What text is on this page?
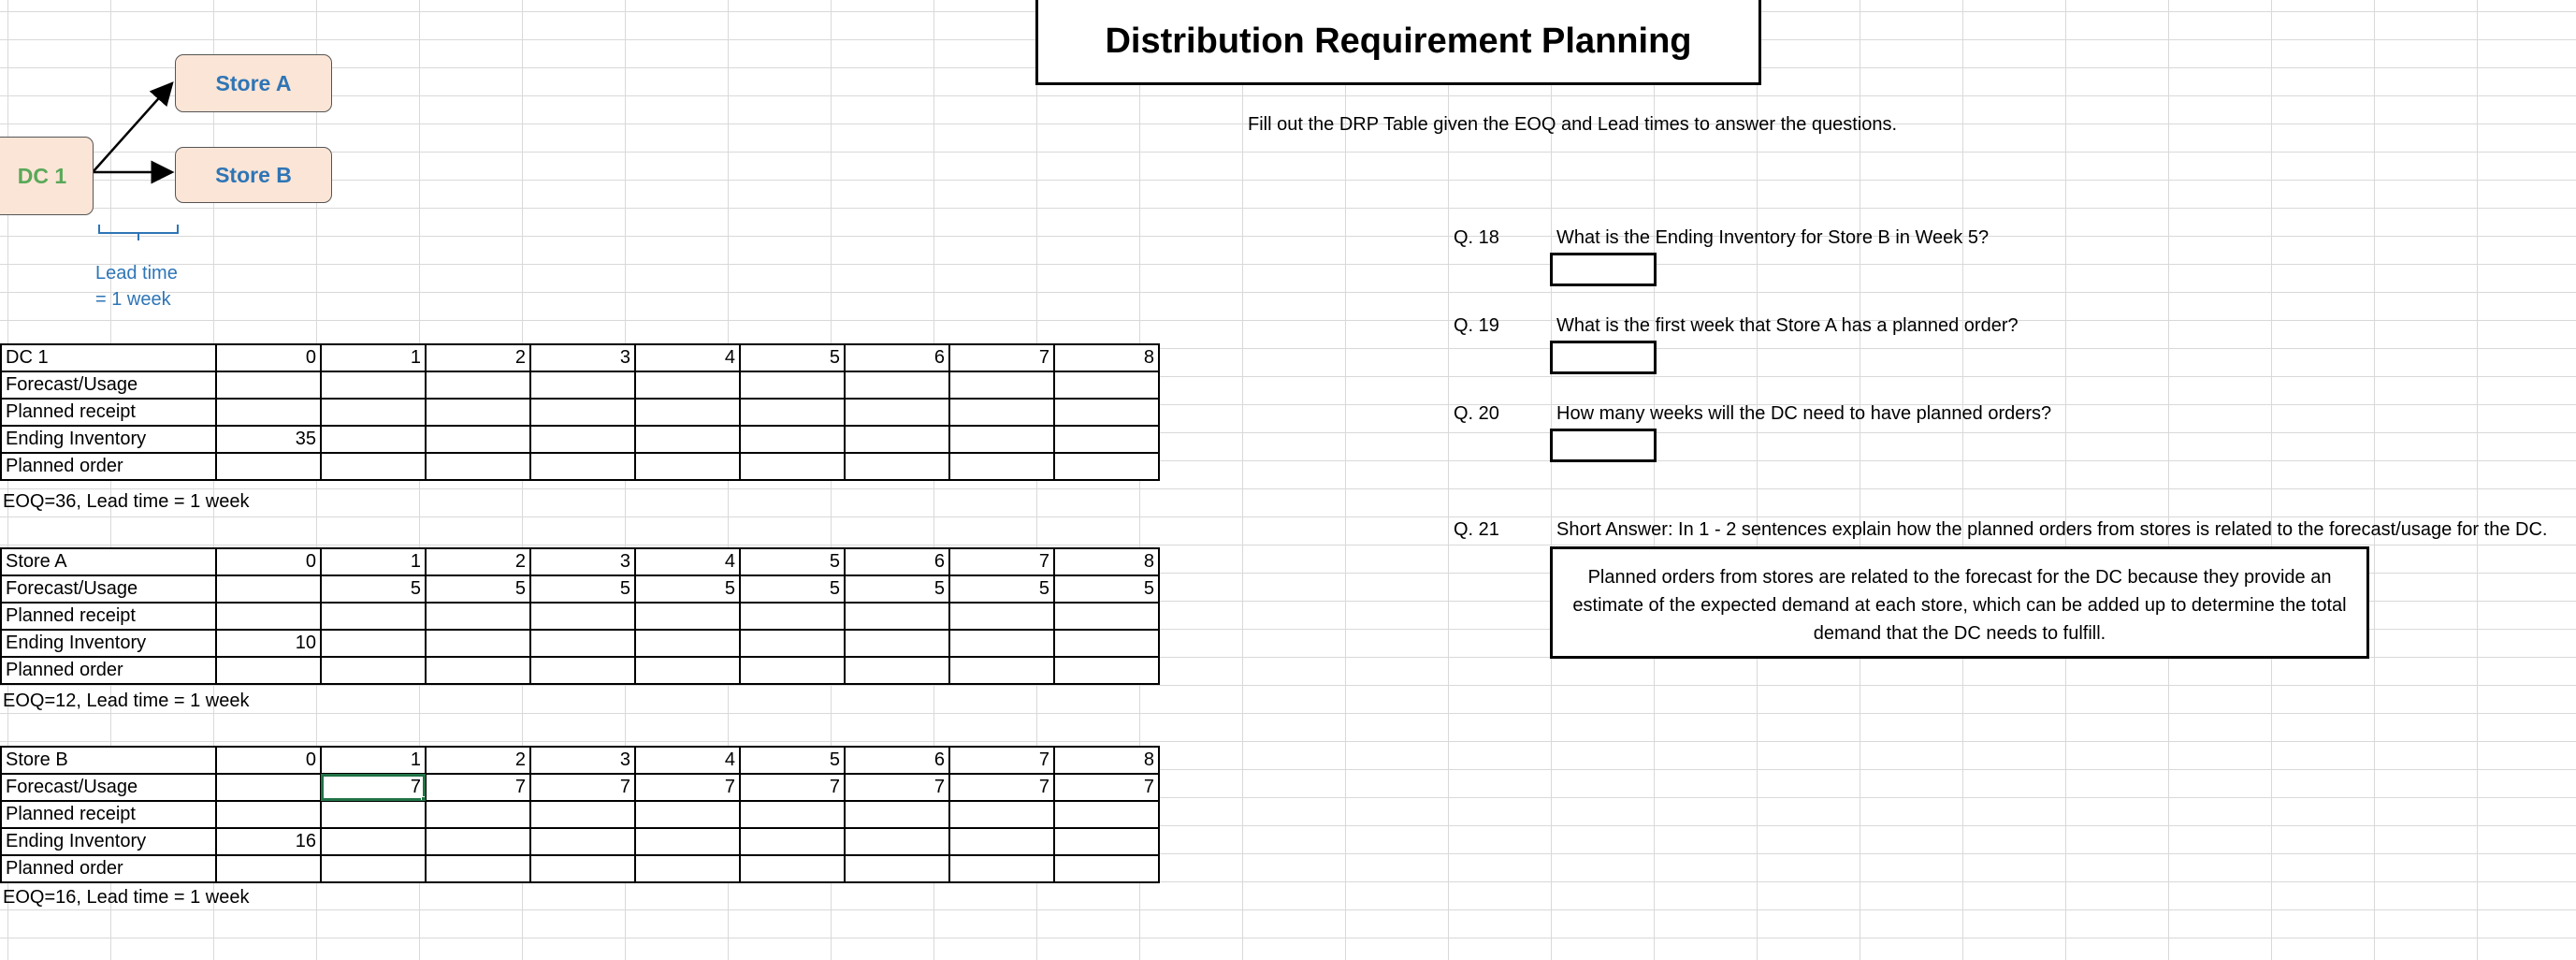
Distribution Requirement Planning
Fill out the DRP Table given the EOQ and Lead times to answer the questions.
Store A
Store B
DC 1
Lead time
= 1 week
DC 1	0	1	2	3	4	5	6	7	8
Forecast/Usage									
Planned receipt									
Ending Inventory	35								
Planned order									
EOQ=36, Lead time = 1 week
Store A	0	1	2	3	4	5	6	7	8
Forecast/Usage		5	5	5	5	5	5	5	5
Planned receipt									
Ending Inventory	10								
Planned order									
EOQ=12, Lead time = 1 week
Store B	0	1	2	3	4	5	6	7	8
Forecast/Usage		7	7	7	7	7	7	7	7
Planned receipt									
Ending Inventory	16								
Planned order									
EOQ=16, Lead time = 1 week
Q. 18	What is the Ending Inventory for Store B in Week 5?
Q. 19	What is the first week that Store A has a planned order?
Q. 20	How many weeks will the DC need to have planned orders?
Q. 21	Short Answer: In 1 - 2 sentences explain how the planned orders from stores is related to the forecast/usage for the DC.
Planned orders from stores are related to the forecast for the DC because they provide an estimate of the expected demand at each store, which can be added up to determine the total demand that the DC needs to fulfill.
